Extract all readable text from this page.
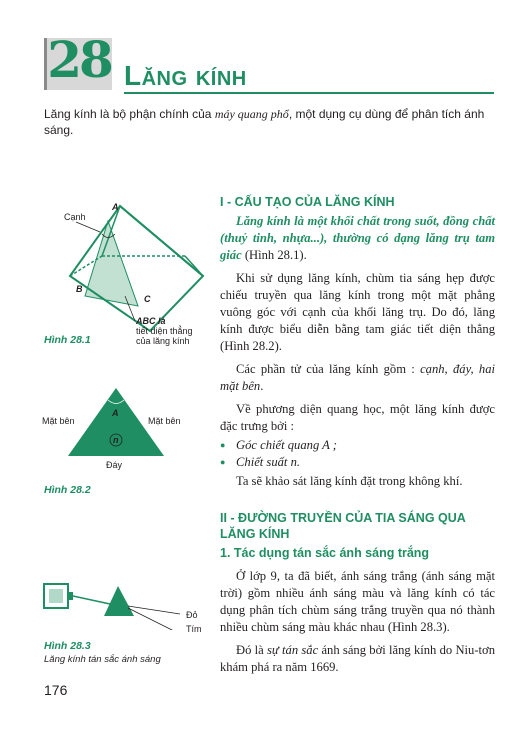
28 Lăng kính
Lăng kính là bộ phận chính của máy quang phổ, một dụng cụ dùng để phân tích ánh sáng.
I - CẤU TẠO CỦA LĂNG KÍNH

Lăng kính là một khối chất trong suốt, đồng chất (thuỷ tinh, nhựa...), thường có dạng lăng trụ tam giác (Hình 28.1).

Khi sử dụng lăng kính, chùm tia sáng hẹp được chiếu truyền qua lăng kính trong một mặt phẳng vuông góc với cạnh của khối lăng trụ. Do đó, lăng kính được biểu diễn bằng tam giác tiết diện thẳng (Hình 28.2).

Các phần tử của lăng kính gồm : cạnh, đáy, hai mặt bên.

Về phương diện quang học, một lăng kính được đặc trưng bởi :

● Góc chiết quang A ;

● Chiết suất n.

Ta sẽ khảo sát lăng kính đặt trong không khí.

II - ĐƯỜNG TRUYỀN CỦA TIA SÁNG QUA LĂNG KÍNH
1. Tác dụng tán sắc ánh sáng trắng

Ở lớp 9, ta đã biết, ánh sáng trắng (ánh sáng mặt trời) gồm nhiều ánh sáng màu và lăng kính có tác dụng phân tích chùm sáng trắng truyền qua nó thành nhiều chùm sáng màu khác nhau (Hình 28.3).

Đó là sự tán sắc ánh sáng bởi lăng kính do Niu-tơn khám phá ra năm 1669.

Cạnh
A
B
C
ABC là
tiết diện thẳng
của lăng kính
Hình 28.1
A
n
Mặt bên	Mặt bên
Đáy
Hình 28.2
Đỏ
Tím
Hình 28.3
Lăng kính tán sắc ánh sáng
176
